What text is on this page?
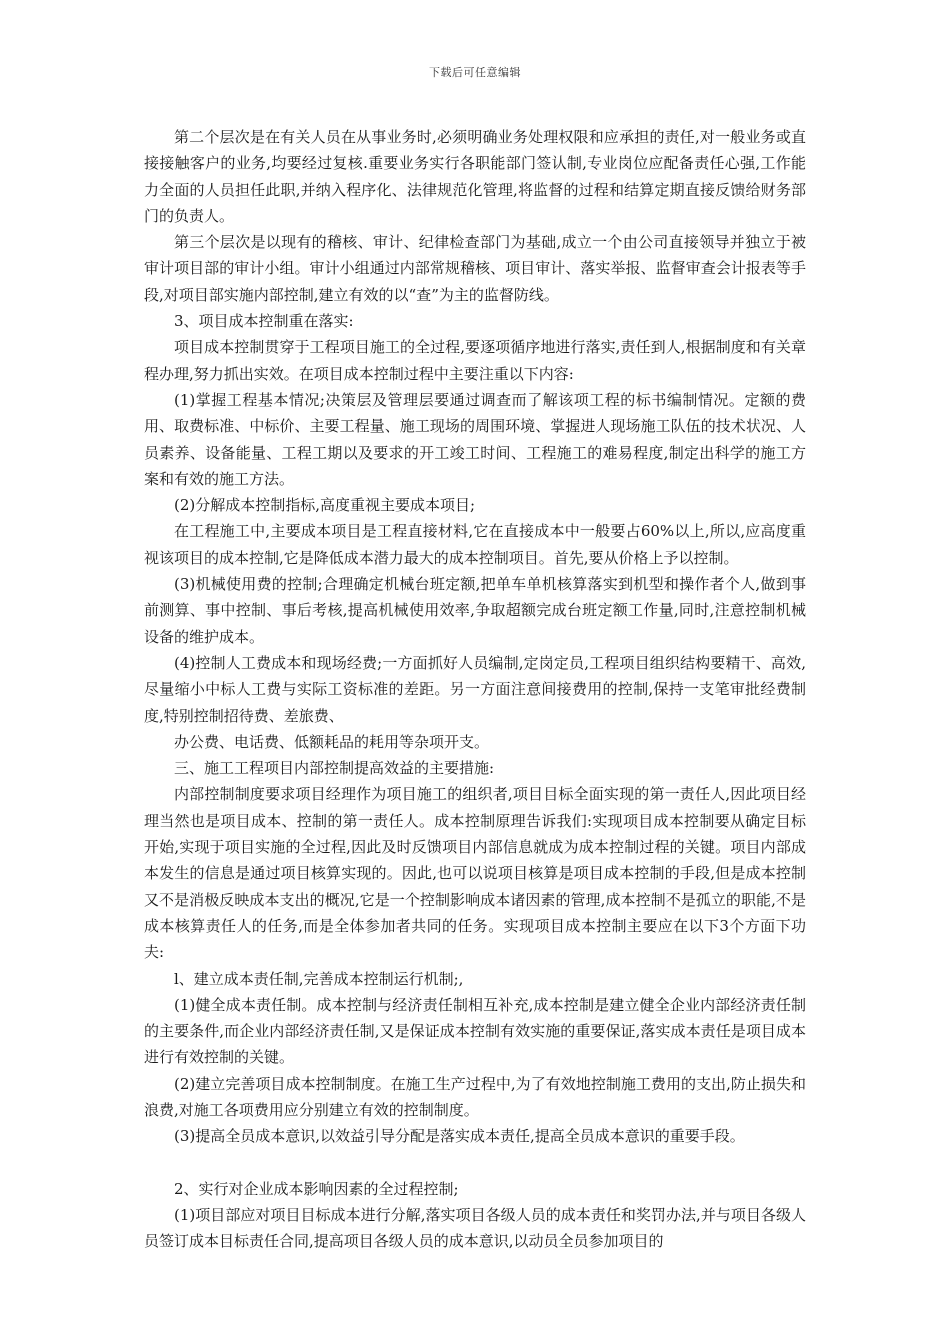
下载后可任意编辑

第二个层次是在有关人员在从事业务时,必须明确业务处理权限和应承担的责任,对一般业务或直接接触客户的业务,均要经过复核.重要业务实行各职能部门签认制,专业岗位应配备责任心强,工作能力全面的人员担任此职,并纳入程序化、法律规范化管理,将监督的过程和结算定期直接反馈给财务部门的负责人。

第三个层次是以现有的稽核、审计、纪律检查部门为基础,成立一个由公司直接领导并独立于被审计项目部的审计小组。审计小组通过内部常规稽核、项目审计、落实举报、监督审查会计报表等手段,对项目部实施内部控制,建立有效的以“查”为主的监督防线。

3、项目成本控制重在落实:

项目成本控制贯穿于工程项目施工的全过程,要逐项循序地进行落实,责任到人,根据制度和有关章程办理,努力抓出实效。在项目成本控制过程中主要注重以下内容:

(1)掌握工程基本情况;决策层及管理层要通过调查而了解该项工程的标书编制情况。定额的费用、取费标准、中标价、主要工程量、施工现场的周围环境、掌握进人现场施工队伍的技术状况、人员素养、设备能量、工程工期以及要求的开工竣工时间、工程施工的难易程度,制定出科学的施工方案和有效的施工方法。

(2)分解成本控制指标,高度重视主要成本项目;

在工程施工中,主要成本项目是工程直接材料,它在直接成本中一般要占60%以上,所以,应高度重视该项目的成本控制,它是降低成本潜力最大的成本控制项目。首先,要从价格上予以控制。

(3)机械使用费的控制;合理确定机械台班定额,把单车单机核算落实到机型和操作者个人,做到事前测算、事中控制、事后考核,提高机械使用效率,争取超额完成台班定额工作量,同时,注意控制机械设备的维护成本。

(4)控制人工费成本和现场经费;一方面抓好人员编制,定岗定员,工程项目组织结构要精干、高效,尽量缩小中标人工费与实际工资标准的差距。另一方面注意间接费用的控制,保持一支笔审批经费制度,特别控制招待费、差旅费、

办公费、电话费、低额耗品的耗用等杂项开支。

三、施工工程项目内部控制提高效益的主要措施:

内部控制制度要求项目经理作为项目施工的组织者,项目目标全面实现的第一责任人,因此项目经理当然也是项目成本、控制的第一责任人。成本控制原理告诉我们:实现项目成本控制要从确定目标开始,实现于项目实施的全过程,因此及时反馈项目内部信息就成为成本控制过程的关键。项目内部成本发生的信息是通过项目核算实现的。因此,也可以说项目核算是项目成本控制的手段,但是成本控制又不是消极反映成本支出的概况,它是一个控制影响成本诸因素的管理,成本控制不是孤立的职能,不是成本核算责任人的任务,而是全体参加者共同的任务。实现项目成本控制主要应在以下3个方面下功夫:

l、建立成本责任制,完善成本控制运行机制;,

(1)健全成本责任制。成本控制与经济责任制相互补充,成本控制是建立健全企业内部经济责任制的主要条件,而企业内部经济责任制,又是保证成本控制有效实施的重要保证,落实成本责任是项目成本进行有效控制的关键。

(2)建立完善项目成本控制制度。在施工生产过程中,为了有效地控制施工费用的支出,防止损失和浪费,对施工各项费用应分别建立有效的控制制度。

(3)提高全员成本意识,以效益引导分配是落实成本责任,提高全员成本意识的重要手段。

2、实行对企业成本影响因素的全过程控制;

(1)项目部应对项目目标成本进行分解,落实项目各级人员的成本责任和奖罚办法,并与项目各级人员签订成本目标责任合同,提高项目各级人员的成本意识,以动员全员参加项目的
